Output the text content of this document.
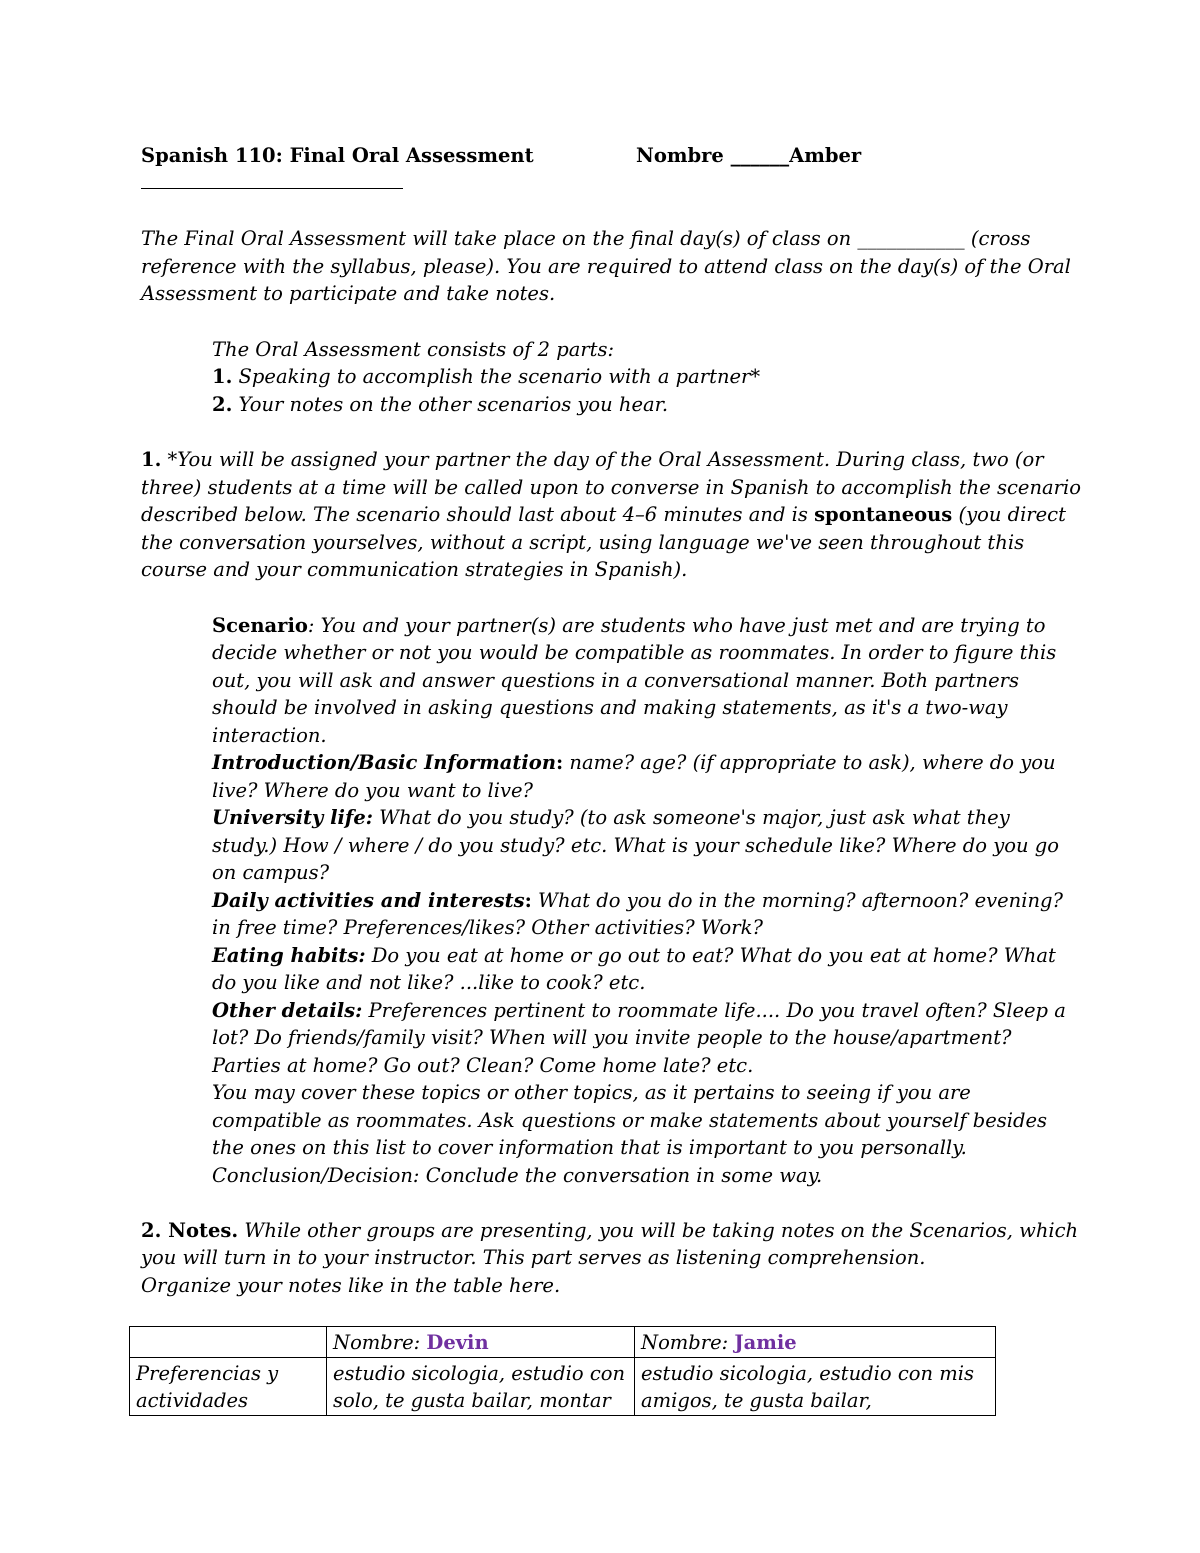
Spanish 110: Final Oral Assessment	Nombre ______Amber
The Final Oral Assessment will take place on the final day(s) of class on ___________ (cross
reference with the syllabus, please). You are required to attend class on the day(s) of the Oral
Assessment to participate and take notes.
The Oral Assessment consists of 2 parts:
1. Speaking to accomplish the scenario with a partner*
2. Your notes on the other scenarios you hear.
1. *You will be assigned your partner the day of the Oral Assessment. During class, two (or
three) students at a time will be called upon to converse in Spanish to accomplish the scenario
described below. The scenario should last about 4–6 minutes and is spontaneous (you direct
the conversation yourselves, without a script, using language we've seen throughout this
course and your communication strategies in Spanish).
Scenario: You and your partner(s) are students who have just met and are trying to
decide whether or not you would be compatible as roommates. In order to figure this
out, you will ask and answer questions in a conversational manner. Both partners
should be involved in asking questions and making statements, as it's a two-way
interaction.
Introduction/Basic Information: name? age? (if appropriate to ask), where do you
live? Where do you want to live?
University life: What do you study? (to ask someone's major, just ask what they
study.) How / where / do you study? etc. What is your schedule like? Where do you go
on campus?
Daily activities and interests: What do you do in the morning? afternoon? evening?
in free time? Preferences/likes? Other activities? Work?
Eating habits: Do you eat at home or go out to eat? What do you eat at home? What
do you like and not like? ...like to cook? etc.
Other details: Preferences pertinent to roommate life.... Do you travel often? Sleep a
lot? Do friends/family visit? When will you invite people to the house/apartment?
Parties at home? Go out? Clean? Come home late? etc.
You may cover these topics or other topics, as it pertains to seeing if you are
compatible as roommates. Ask questions or make statements about yourself besides
the ones on this list to cover information that is important to you personally.
Conclusion/Decision: Conclude the conversation in some way.
2. Notes. While other groups are presenting, you will be taking notes on the Scenarios, which
you will turn in to your instructor. This part serves as listening comprehension.
Organize your notes like in the table here.
	Nombre: Devin	Nombre: Jamie
Preferencias y actividades	estudio sicologia, estudio con solo, te gusta bailar, montar	estudio sicologia, estudio con mis amigos, te gusta bailar,
